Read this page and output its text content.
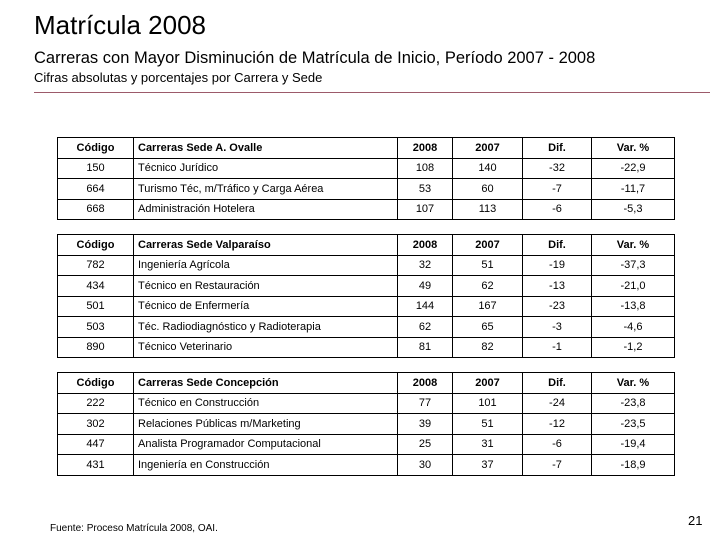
Matrícula 2008
Carreras con Mayor Disminución de Matrícula de Inicio, Período 2007 - 2008
Cifras absolutas y porcentajes por Carrera y Sede
Código	Carreras Sede A. Ovalle	2008	2007	Dif.	Var. %
150	Técnico Jurídico	108	140	-32	-22,9
664	Turismo Téc, m/Tráfico y Carga Aérea	53	60	-7	-11,7
668	Administración Hotelera	107	113	-6	-5,3
Código	Carreras Sede Valparaíso	2008	2007	Dif.	Var. %
782	Ingeniería Agrícola	32	51	-19	-37,3
434	Técnico en Restauración	49	62	-13	-21,0
501	Técnico de Enfermería	144	167	-23	-13,8
503	Téc. Radiodiagnóstico y Radioterapia	62	65	-3	-4,6
890	Técnico Veterinario	81	82	-1	-1,2
Código	Carreras Sede Concepción	2008	2007	Dif.	Var. %
222	Técnico en Construcción	77	101	-24	-23,8
302	Relaciones Públicas m/Marketing	39	51	-12	-23,5
447	Analista Programador Computacional	25	31	-6	-19,4
431	Ingeniería en Construcción	30	37	-7	-18,9
Fuente: Proceso Matrícula 2008, OAI.
21
